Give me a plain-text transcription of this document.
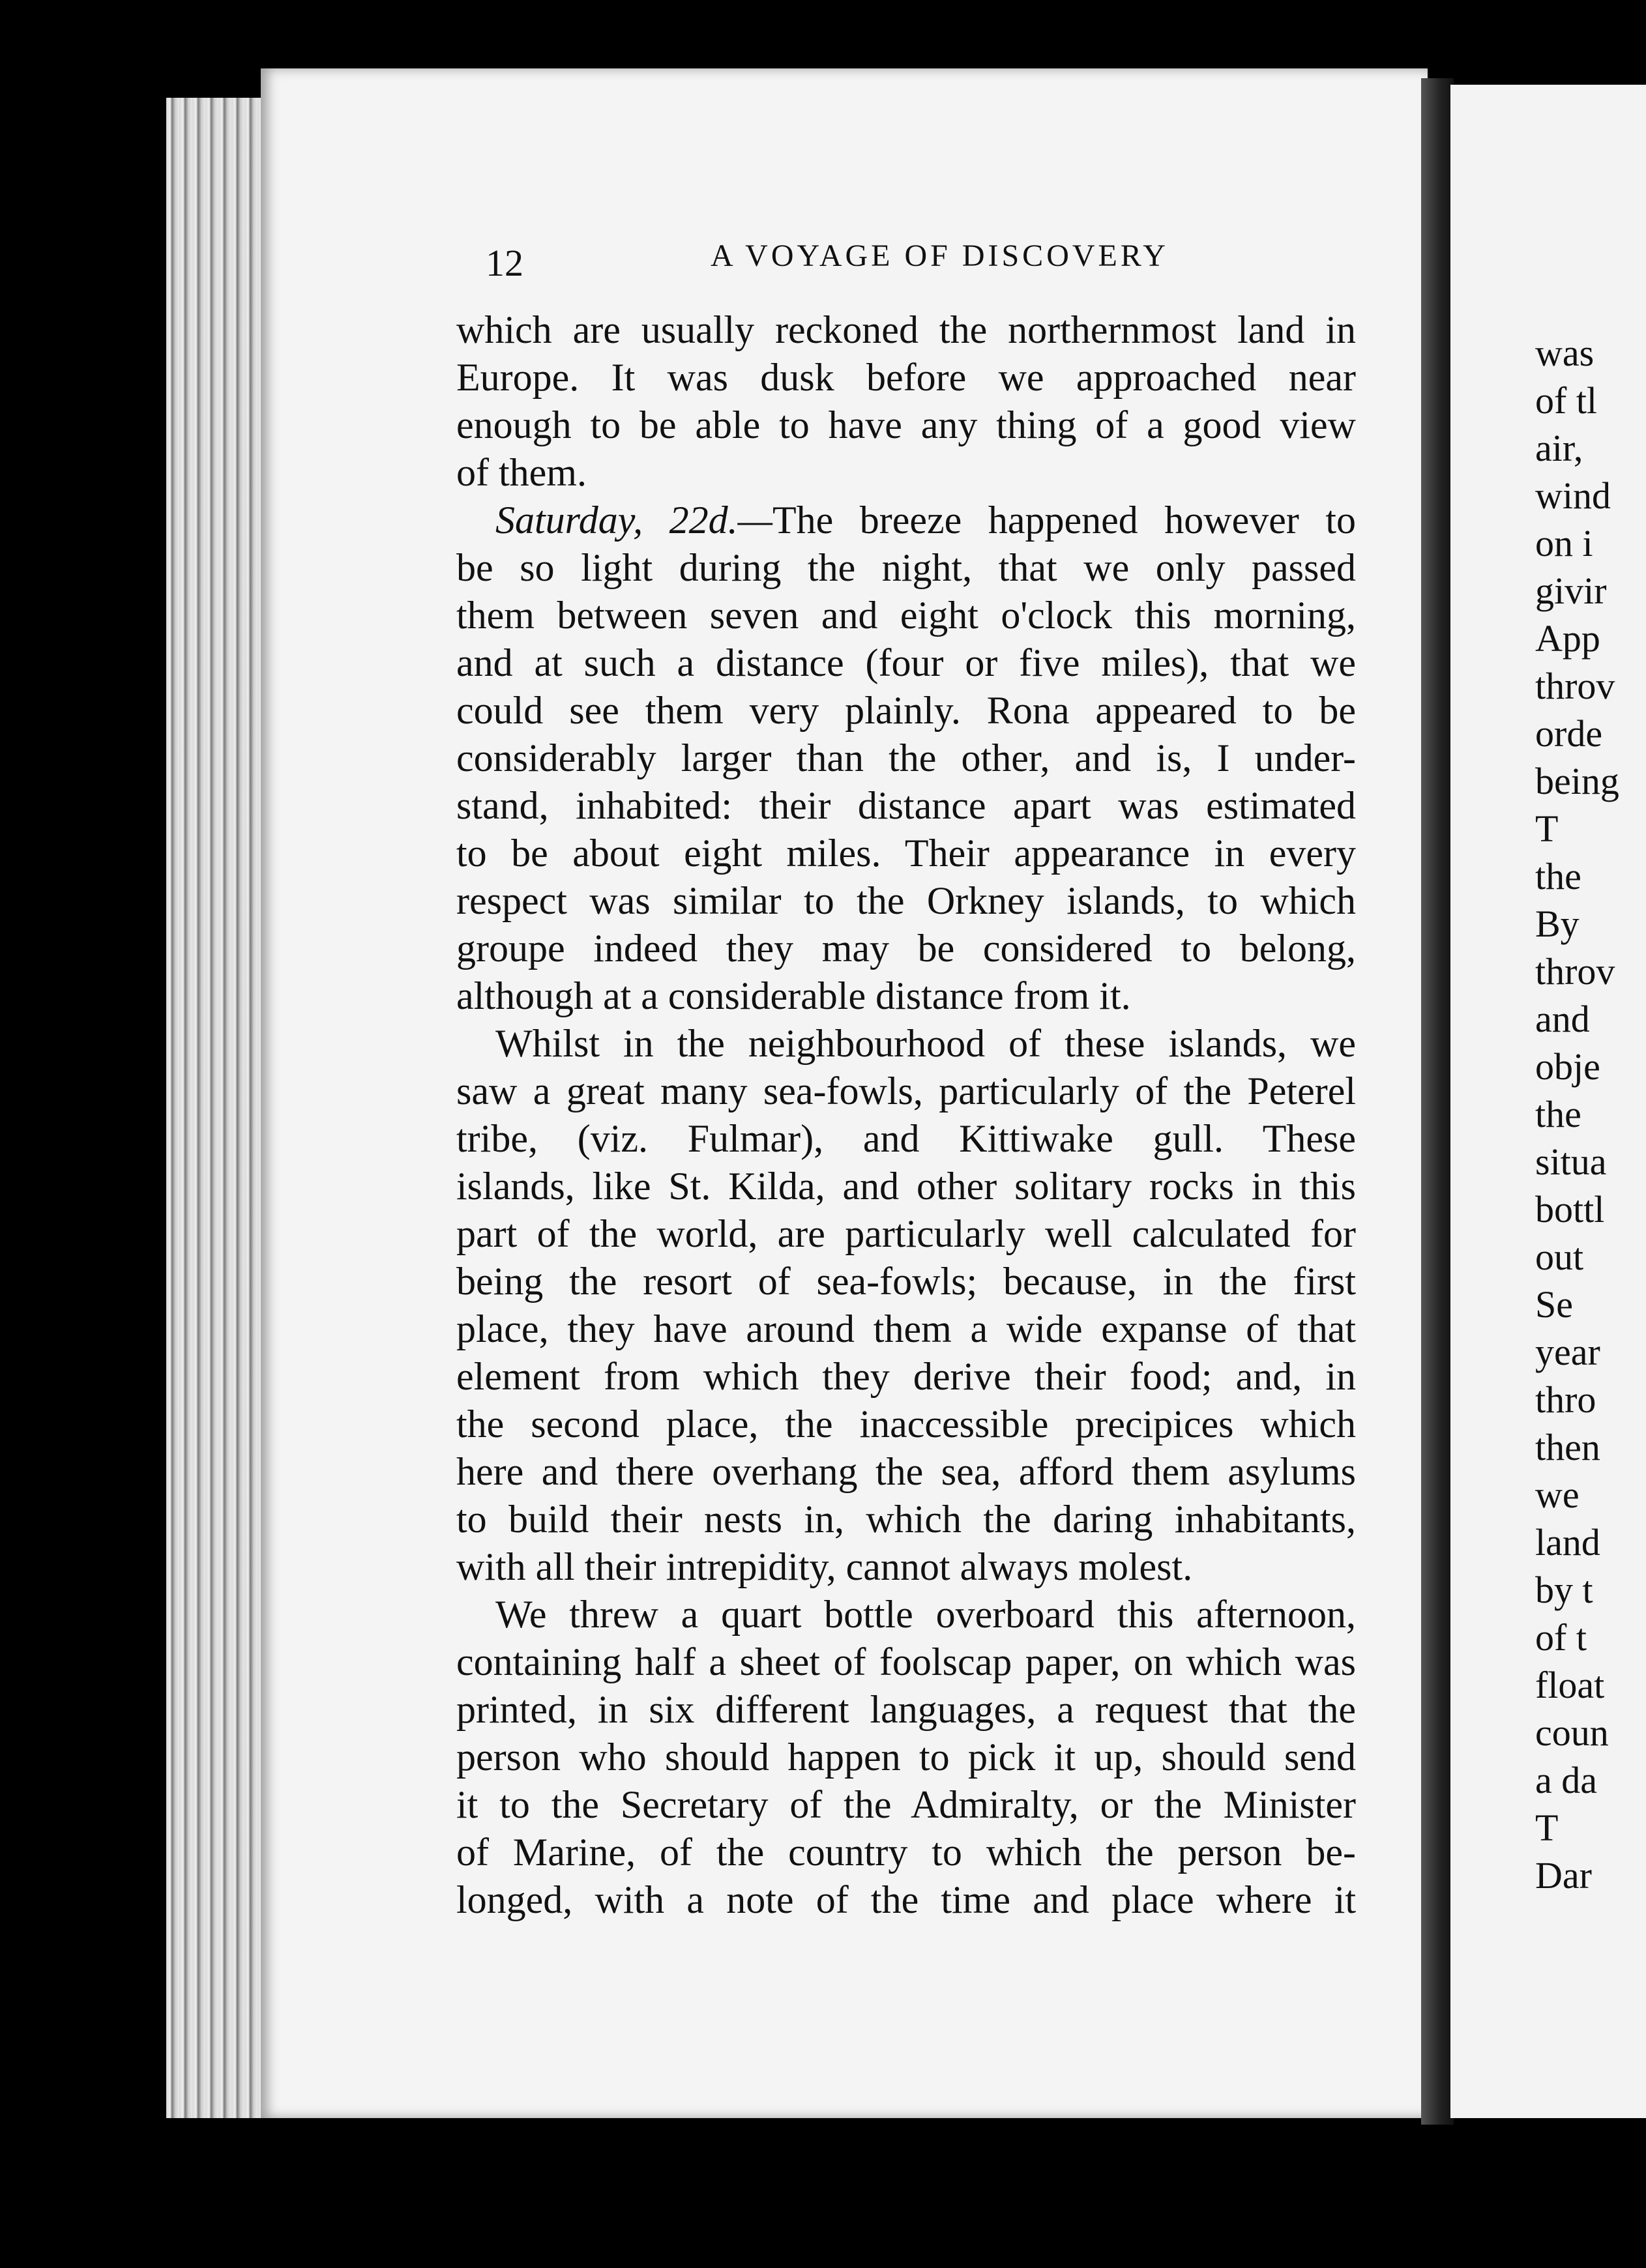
12	A VOYAGE OF DISCOVERY
which are usually reckoned the northernmost land in
Europe. It was dusk before we approached near
enough to be able to have any thing of a good view
of them.
Saturday, 22d.—The breeze happened however to
be so light during the night, that we only passed
them between seven and eight o'clock this morning,
and at such a distance (four or five miles), that we
could see them very plainly. Rona appeared to be
considerably larger than the other, and is, I under-
stand, inhabited: their distance apart was estimated
to be about eight miles. Their appearance in every
respect was similar to the Orkney islands, to which
groupe indeed they may be considered to belong,
although at a considerable distance from it.
Whilst in the neighbourhood of these islands, we
saw a great many sea-fowls, particularly of the Peterel
tribe, (viz. Fulmar), and Kittiwake gull. These
islands, like St. Kilda, and other solitary rocks in this
part of the world, are particularly well calculated for
being the resort of sea-fowls; because, in the first
place, they have around them a wide expanse of that
element from which they derive their food; and, in
the second place, the inaccessible precipices which
here and there overhang the sea, afford them asylums
to build their nests in, which the daring inhabitants,
with all their intrepidity, cannot always molest.
We threw a quart bottle overboard this afternoon,
containing half a sheet of foolscap paper, on which was
printed, in six different languages, a request that the
person who should happen to pick it up, should send
it to the Secretary of the Admiralty, or the Minister
of Marine, of the country to which the person be-
longed, with a note of the time and place where it
was
of tl
air,
wind
on i
givir
App
throv
orde
being
T
the
By
throv
and
obje
the
situa
bottl
out
Se
year
thro
then
we
land
by t
of t
float
coun
a da
T
Dar
